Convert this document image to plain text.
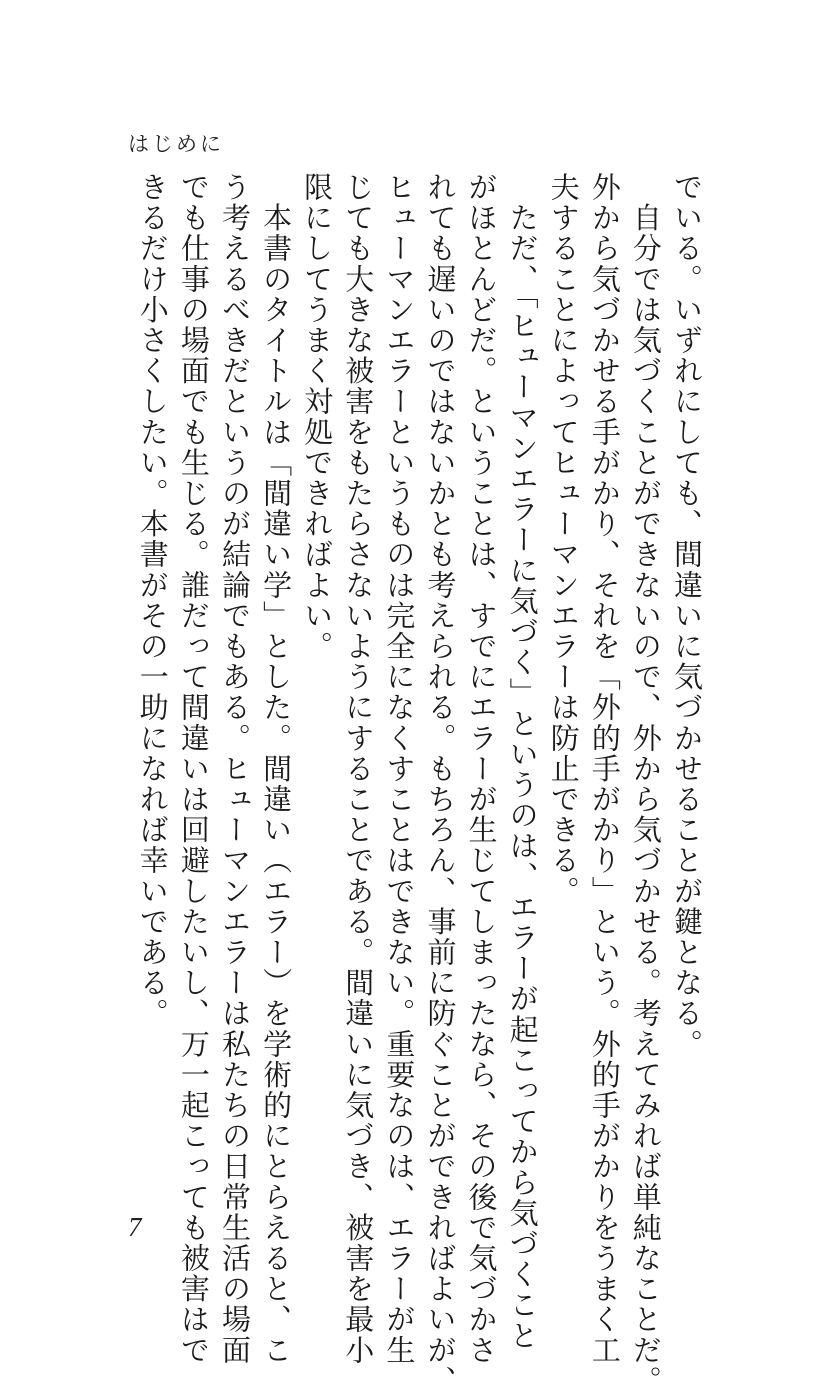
はじめに
でいる。いずれにしても、間違いに気づかせることが鍵となる。
　自分では気づくことができないので、外から気づかせる。考えてみれば単純なことだ。
外から気づかせる手がかり、それを「外的手がかり」という。外的手がかりをうまく工
夫することによってヒューマンエラーは防止できる。
　ただ、「ヒューマンエラーに気づく」というのは、エラーが起こってから気づくこと
がほとんどだ。ということは、すでにエラーが生じてしまったなら、その後で気づかさ
れても遅いのではないかとも考えられる。もちろん、事前に防ぐことができればよいが、
ヒューマンエラーというものは完全になくすことはできない。重要なのは、エラーが生
じても大きな被害をもたらさないようにすることである。間違いに気づき、被害を最小
限にしてうまく対処できればよい。
　本書のタイトルは「間違い学」とした。間違い（エラー）を学術的にとらえると、こ
う考えるべきだというのが結論でもある。ヒューマンエラーは私たちの日常生活の場面
でも仕事の場面でも生じる。誰だって間違いは回避したいし、万一起こっても被害はで
きるだけ小さくしたい。本書がその一助になれば幸いである。
7
